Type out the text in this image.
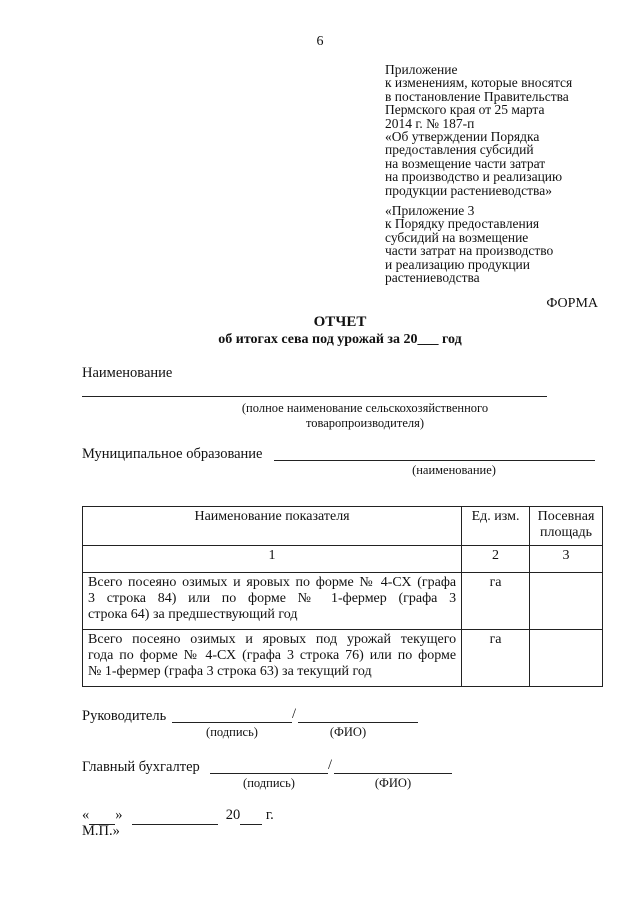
6
Приложение
к изменениям, которые вносятся
в постановление Правительства
Пермского края от 25 марта
2014 г. № 187-п
«Об утверждении Порядка
предоставления субсидий
на возмещение части затрат
на производство и реализацию
продукции растениеводства»
«Приложение 3
к Порядку предоставления
субсидий на возмещение
части затрат на производство
и реализацию продукции
растениеводства
ФОРМА
ОТЧЕТ
об итогах сева под урожай за 20___ год
Наименование
(полное наименование сельскохозяйственного
товаропроизводителя)
Муниципальное образование
(наименование)
Наименование показателя	Ед. изм.	Посевная площадь
1	2	3

Всего посеяно озимых и яровых по форме № 4-СХ (графа
3 строка 84) или по форме № 1-фермер (графа 3
строка 64) за предшествующий год	га	

Всего посеяно озимых и яровых под урожай текущего
года по форме № 4-СХ (графа 3 строка 76) или по форме
№ 1-фермер (графа 3 строка 63) за текущий год	га	
Руководитель	/
(подпись)	(ФИО)
Главный бухгалтер	/
(подпись)	(ФИО)
« »	20 г.
М.П.»
